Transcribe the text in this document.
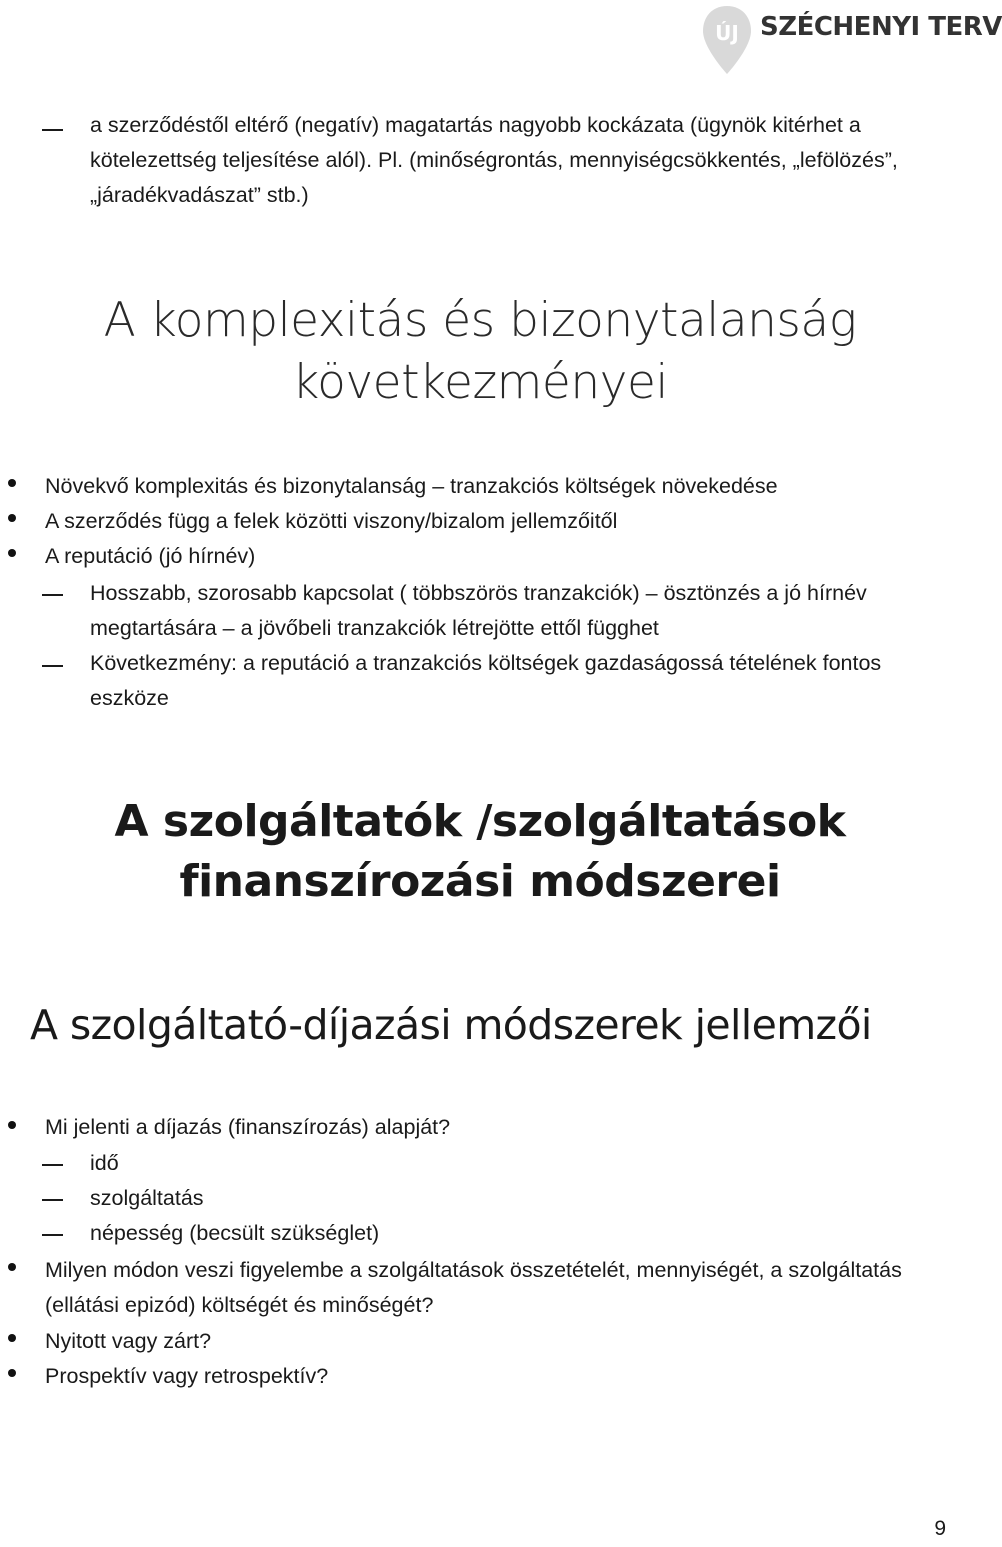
ÚJ SZÉCHENYI TERV
a szerződéstől eltérő (negatív) magatartás nagyobb kockázata (ügynök kitérhet a kötelezettség teljesítése alól). Pl. (minőségrontás, mennyiségcsökkentés, „lefölözés”, „járadékvadászat” stb.)
A komplexitás és bizonytalanság következményei
Növekvő komplexitás és bizonytalanság – tranzakciós költségek növekedése
A szerződés függ a felek közötti viszony/bizalom jellemzőitől
A reputáció (jó hírnév)
Hosszabb, szorosabb kapcsolat ( többszörös tranzakciók) – ösztönzés a jó hírnév megtartására – a jövőbeli tranzakciók létrejötte ettől függhet
Következmény: a reputáció a tranzakciós költségek gazdaságossá tételének fontos eszköze
A szolgáltatók /szolgáltatások finanszírozási módszerei
A szolgáltató-díjazási módszerek jellemzői
Mi jelenti a díjazás (finanszírozás) alapját?
idő
szolgáltatás
népesség (becsült szükséglet)
Milyen módon veszi figyelembe a szolgáltatások összetételét, mennyiségét, a szolgáltatás (ellátási epizód) költségét és minőségét?
Nyitott vagy zárt?
Prospektív vagy retrospektív?
9
